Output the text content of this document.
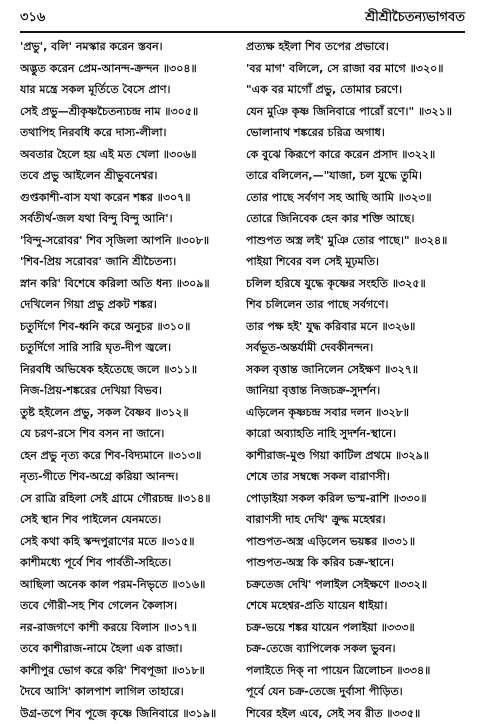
৩১৬	শ্রীশ্রীচৈতন্যভাগবত
'প্রভু', বলি' নমস্কার করেন স্তবন।
অদ্ভুত করেন প্রেম-আনন্দ-ক্রন্দন ॥৩০৪॥
যার মন্ত্রে সকল মূর্তিতে বৈসে প্রাণ।
সেই প্রভু—শ্রীকৃষ্ণচৈতন্যচন্দ্র নাম ॥৩০৫॥
তথাপিহ নিরবধি করে দাস্য-লীলা।
অবতার হৈলে হয় এই মত খেলা ॥৩০৬॥
তবে প্রভু আইলেন শ্রীভুবনেশ্বর।
গুপ্তকাশী-বাস যথা করেন শঙ্কর ॥৩০৭॥
সর্বতীর্থ-জল যথা বিন্দু বিন্দু আনি'।
'বিন্দু-সরোবর' শিব সৃজিলা আপনি ॥৩০৮॥
'শিব-প্রিয় সরোবর' জানি শ্রীচৈতন্য।
স্নান করি' বিশেষে করিলা অতি ধন্য ॥৩০৯॥
দেখিলেন গিয়া প্রভু প্রকট শঙ্কর।
চতুর্দিগে শিব-ধ্বনি করে অনুচর ॥৩১০॥
চতুর্দিগে সারি সারি ঘৃত-দীপ জ্বলে।
নিরবধি অভিষেক হইতেছে জলে ॥৩১১॥
নিজ-প্রিয়-শঙ্করের দেখিয়া বিভব।
তুষ্ট হইলেন প্রভু, সকল বৈষ্ণব ॥৩১২॥
যে চরণ-রসে শিব বসন না জানে।
হেন প্রভু নৃত্য করে শিব-বিদ্যমানে ॥৩১৩॥
নৃত্য-গীতে শিব-অগ্রে করিয়া আনন্দ।
সে রাত্রি রহিলা সেই গ্রামে গৌরচন্দ্র ॥৩১৪॥
সেই স্থান শিব পাইলেন যেনমতে।
সেই কথা কহি স্কন্দপুরাণের মতে ॥৩১৫॥
কাশীমধ্যে পূর্বে শিব পার্বতী-সহিতে।
আছিলা অনেক কাল পরম-নিভৃতে ॥৩১৬॥
তবে গৌরী-সহ শিব গেলেন কৈলাস।
নর-রাজগণে কাশী করয়ে বিলাস ॥৩১৭॥
তবে কাশীরাজ-নামে হৈলা এক রাজা।
কাশীপুর ভোগ করে করি' শিবপূজা ॥৩১৮॥
দৈবে আসি' কালপাশ লাগিল তাহারে।
উগ্র-তপে শিব পূজে কৃষ্ণে জিনিবারে ॥৩১৯॥
প্রত্যক্ষ হইলা শিব তপের প্রভাবে।
'বর মাগ' বলিলে, সে রাজা বর মাগে ॥৩২০॥
"এক বর মাগোঁ প্রভু, তোমার চরণে।
যেন মুঞি কৃষ্ণ জিনিবারে পারোঁ রণে।" ॥৩২১॥
ভোলানাথ শঙ্করের চরিত্র অগাধ।
কে বুঝে কিরূপে কারে করেন প্রসাদ ॥৩২২॥
তারে বলিলেন,—"যাজা, চল যুদ্ধে তুমি।
তোর পাছে সর্বগণ সহ আছি আমি ॥৩২৩॥
তোরে জিনিবেক হেন কার শক্তি আছে।
পাশুপত অস্ত্র লই' মুঞি তোর পাছে।" ॥৩২৪॥
পাইয়া শিবের বল সেই মূঢ়মতি।
চলিল হরিষে যুদ্ধে কৃষ্ণের সংহতি ॥৩২৫॥
শিব চলিলেন তার পাছে সর্বগণে।
তার পক্ষ হই' যুদ্ধ করিবার মনে ॥৩২৬॥
সর্বভূত-অন্তর্যামী দেবকীনন্দন।
সকল বৃত্তান্ত জানিলেন সেইক্ষণ ॥৩২৭॥
জানিয়া বৃত্তান্ত নিজচক্র-সুদর্শন।
এড়িলেন কৃষ্ণচন্দ্র সবার দলন ॥৩২৮॥
কারো অব্যাহতি নাহি সুদর্শন-স্থানে।
কাশীরাজ-মুণ্ড গিয়া কাটিল প্রথমে ॥৩২৯॥
শেষে তার সম্বন্ধে সকল বারাণসী।
পোড়াইয়া সকল করিল ভস্ম-রাশি ॥৩৩০॥
বারাণসী দাহ দেখি' ক্রুদ্ধ মহেশ্বর।
পাশুপত-অস্ত্র এড়িলেন ভয়ঙ্কর ॥৩৩১॥
পাশুপত-অস্ত্র কি করিব চক্র-স্থানে।
চক্রতেজ দেখি' পলাইল সেইক্ষণে ॥৩৩২॥
শেষে মহেশ্বর-প্রতি যায়েন ধাইয়া।
চক্র-ভয়ে শঙ্কর যায়েন পলাইয়া ॥৩৩৩॥
চক্র-তেজে ব্যাপিলেক সকল ভুবন।
পলাইতে দিক্ না পায়েন ত্রিলোচন ॥৩৩৪॥
পূর্বে যেন চক্র-তেজে দুর্বাসা পীড়িত।
শিবের হইল এবে, সেই সব রীত ॥৩৩৫॥
